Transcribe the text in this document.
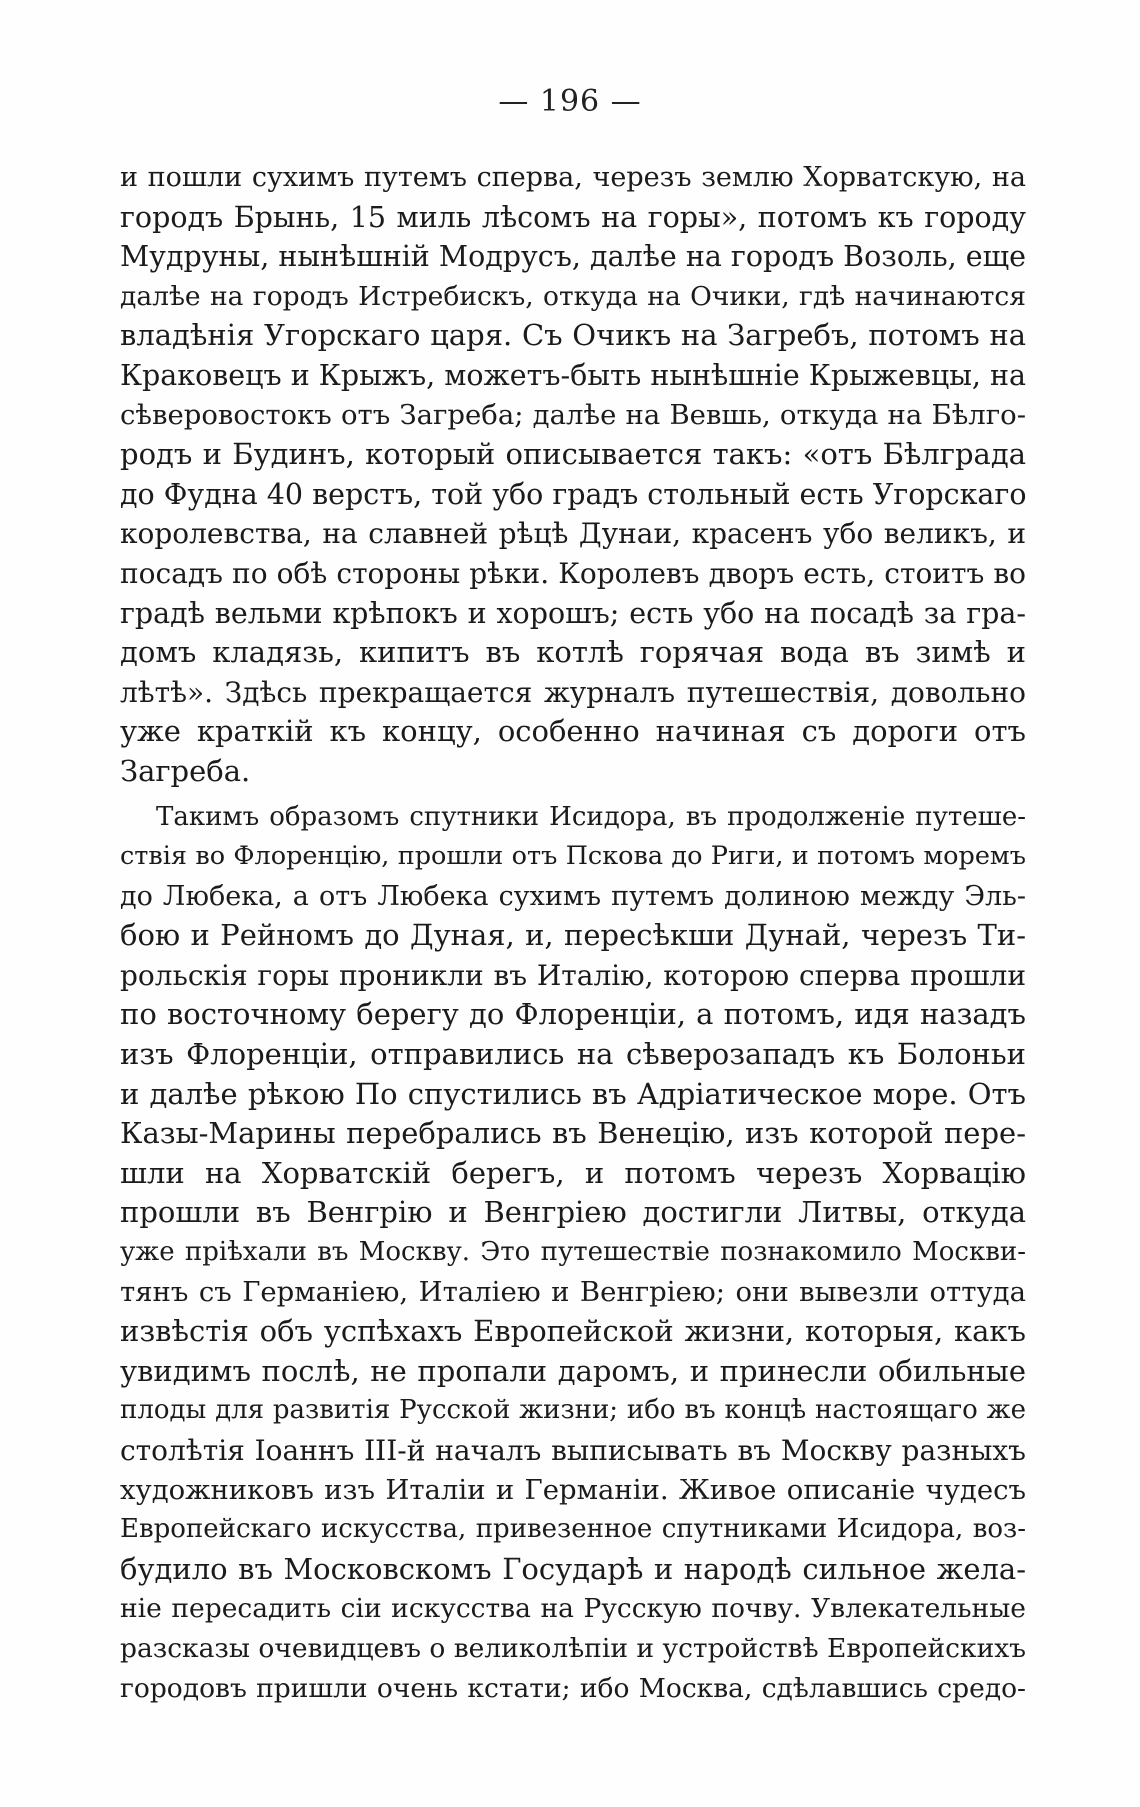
— 196 —
и пошли сухимъ путемъ сперва, черезъ землю Хорватскую, на
городъ Брынь, 15 миль лѣсомъ на горы», потомъ къ городу
Мудруны, нынѣшній Модрусъ, далѣе на городъ Возоль, еще
далѣе на городъ Истребискъ, откуда на Очики, гдѣ начинаются
владѣнія Угорскаго царя. Съ Очикъ на Загребъ, потомъ на
Краковецъ и Крыжъ, можетъ-быть нынѣшніе Крыжевцы, на
сѣверовостокъ отъ Загреба; далѣе на Вевшь, откуда на Бѣлго-
родъ и Будинъ, который описывается такъ: «отъ Бѣлграда
до Фудна 40 верстъ, той убо градъ стольный есть Угорскаго
королевства, на славней рѣцѣ Дунаи, красенъ убо великъ, и
посадъ по обѣ стороны рѣки. Королевъ дворъ есть, стоитъ во
градѣ вельми крѣпокъ и хорошъ; есть убо на посадѣ за гра-
домъ кладязь, кипитъ въ котлѣ горячая вода въ зимѣ и
лѣтѣ». Здѣсь прекращается журналъ путешествія, довольно
уже краткій къ концу, особенно начиная съ дороги отъ
Загреба.
Такимъ образомъ спутники Исидора, въ продолженіе путеше-
ствія во Флоренцію, прошли отъ Пскова до Риги, и потомъ моремъ
до Любека, а отъ Любека сухимъ путемъ долиною между Эль-
бою и Рейномъ до Дуная, и, пересѣкши Дунай, черезъ Ти-
рольскія горы проникли въ Италію, которою сперва прошли
по восточному берегу до Флоренціи, а потомъ, идя назадъ
изъ Флоренціи, отправились на сѣверозападъ къ Болоньи
и далѣе рѣкою По спустились въ Адріатическое море. Отъ
Казы-Марины перебрались въ Венецію, изъ которой пере-
шли на Хорватскій берегъ, и потомъ черезъ Хорвацію
прошли въ Венгрію и Венгріею достигли Литвы, откуда
уже пріѣхали въ Москву. Это путешествіе познакомило Москви-
тянъ съ Германіею, Италіею и Венгріею; они вывезли оттуда
извѣстія объ успѣхахъ Европейской жизни, которыя, какъ
увидимъ послѣ, не пропали даромъ, и принесли обильные
плоды для развитія Русской жизни; ибо въ концѣ настоящаго же
столѣтія Іоаннъ III-й началъ выписывать въ Москву разныхъ
художниковъ изъ Италіи и Германіи. Живое описаніе чудесъ
Европейскаго искусства, привезенное спутниками Исидора, воз-
будило въ Московскомъ Государѣ и народѣ сильное жела-
ніе пересадить сіи искусства на Русскую почву. Увлекательные
разсказы очевидцевъ о великолѣпіи и устройствѣ Европейскихъ
городовъ пришли очень кстати; ибо Москва, сдѣлавшись средо-
